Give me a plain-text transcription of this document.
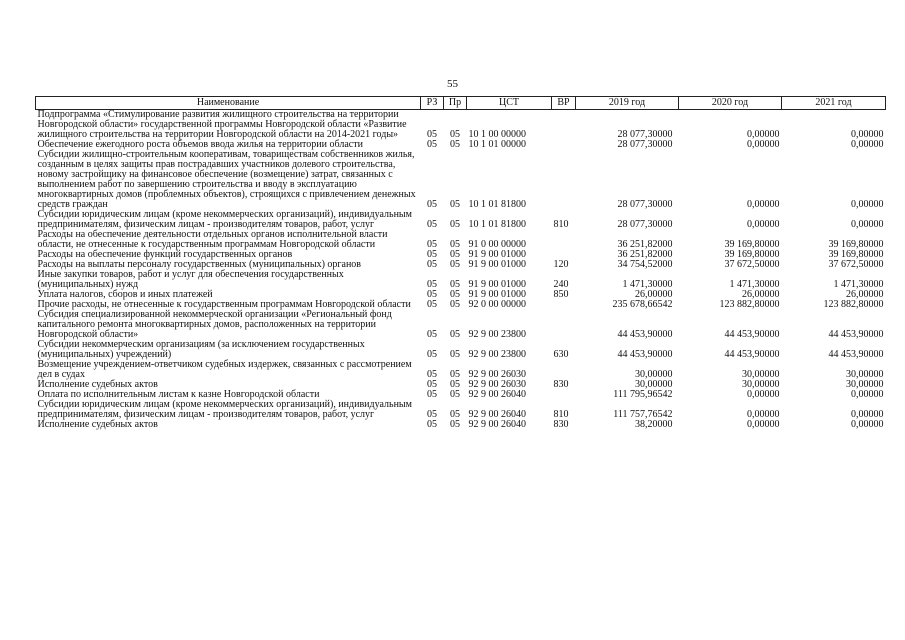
55
Наименование	РЗ	Пр	ЦСТ	ВР	2019 год	2020 год	2021 год
Подпрограмма «Стимулирование развития жилищного строительства на территории Новгородской области» государственной программы Новгородской области «Развитие жилищного строительства на территории Новгородской области на 2014-2021 годы»	05	05	10 1 00 00000		28 077,30000	0,00000	0,00000
Обеспечение ежегодного роста объемов ввода жилья на территории области	05	05	10 1 01 00000		28 077,30000	0,00000	0,00000
Субсидии жилищно-строительным кооперативам, товариществам собственников жилья, созданным в целях защиты прав пострадавших участников долевого строительства, новому застройщику на финансовое обеспечение (возмещение) затрат, связанных с выполнением работ по завершению строительства и вводу в эксплуатацию многоквартирных домов (проблемных объектов), строящихся с привлечением денежных средств граждан	05	05	10 1 01 81800		28 077,30000	0,00000	0,00000
Субсидии юридическим лицам (кроме некоммерческих организаций), индивидуальным предпринимателям, физическим лицам - производителям товаров, работ, услуг	05	05	10 1 01 81800	810	28 077,30000	0,00000	0,00000
Расходы на обеспечение деятельности отдельных органов исполнительной власти области, не отнесенные к государственным программам Новгородской области	05	05	91 0 00 00000		36 251,82000	39 169,80000	39 169,80000
Расходы на обеспечение функций государственных органов	05	05	91 9 00 01000		36 251,82000	39 169,80000	39 169,80000
Расходы на выплаты персоналу государственных (муниципальных) органов	05	05	91 9 00 01000	120	34 754,52000	37 672,50000	37 672,50000
Иные закупки товаров, работ и услуг для обеспечения государственных (муниципальных) нужд	05	05	91 9 00 01000	240	1 471,30000	1 471,30000	1 471,30000
Уплата налогов, сборов и иных платежей	05	05	91 9 00 01000	850	26,00000	26,00000	26,00000
Прочие расходы, не отнесенные к государственным программам Новгородской области	05	05	92 0 00 00000		235 678,66542	123 882,80000	123 882,80000
Субсидия специализированной некоммерческой организации «Региональный фонд капитального ремонта многоквартирных домов, расположенных на территории Новгородской области»	05	05	92 9 00 23800		44 453,90000	44 453,90000	44 453,90000
Субсидии некоммерческим организациям (за исключением государственных (муниципальных) учреждений)	05	05	92 9 00 23800	630	44 453,90000	44 453,90000	44 453,90000
Возмещение учреждением-ответчиком судебных издержек, связанных с рассмотрением дел в судах	05	05	92 9 00 26030		30,00000	30,00000	30,00000
Исполнение судебных актов	05	05	92 9 00 26030	830	30,00000	30,00000	30,00000
Оплата по исполнительным листам к казне Новгородской области	05	05	92 9 00 26040		111 795,96542	0,00000	0,00000
Субсидии юридическим лицам (кроме некоммерческих организаций), индивидуальным предпринимателям, физическим лицам - производителям товаров, работ, услуг	05	05	92 9 00 26040	810	111 757,76542	0,00000	0,00000
Исполнение судебных актов	05	05	92 9 00 26040	830	38,20000	0,00000	0,00000
